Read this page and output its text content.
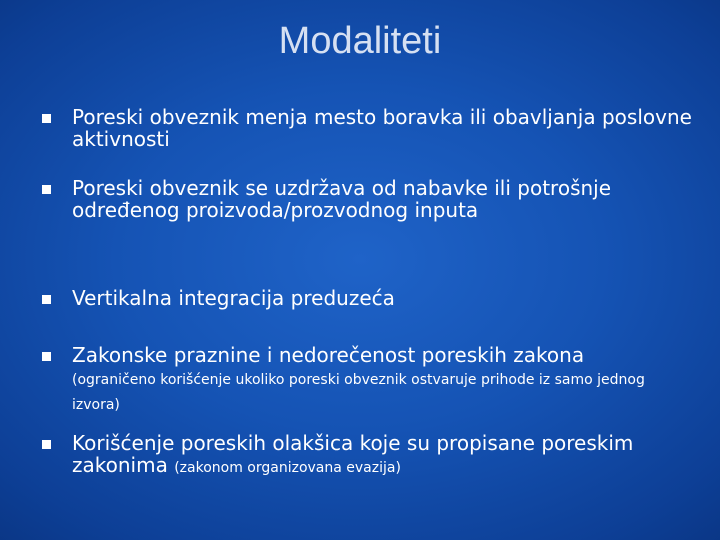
Modaliteti

Poreski obveznik menja mesto boravka ili obavljanja poslovne aktivnosti

Poreski obveznik se uzdržava od nabavke ili potrošnje određenog proizvoda/prozvodnog inputa

Vertikalna integracija preduzeća

Zakonske praznine i nedorečenost poreskih zakona (ograničeno korišćenje ukoliko poreski obveznik ostvaruje prihode iz samo jednog izvora)

Korišćenje poreskih olakšica koje su propisane poreskim zakonima (zakonom organizovana evazija)
